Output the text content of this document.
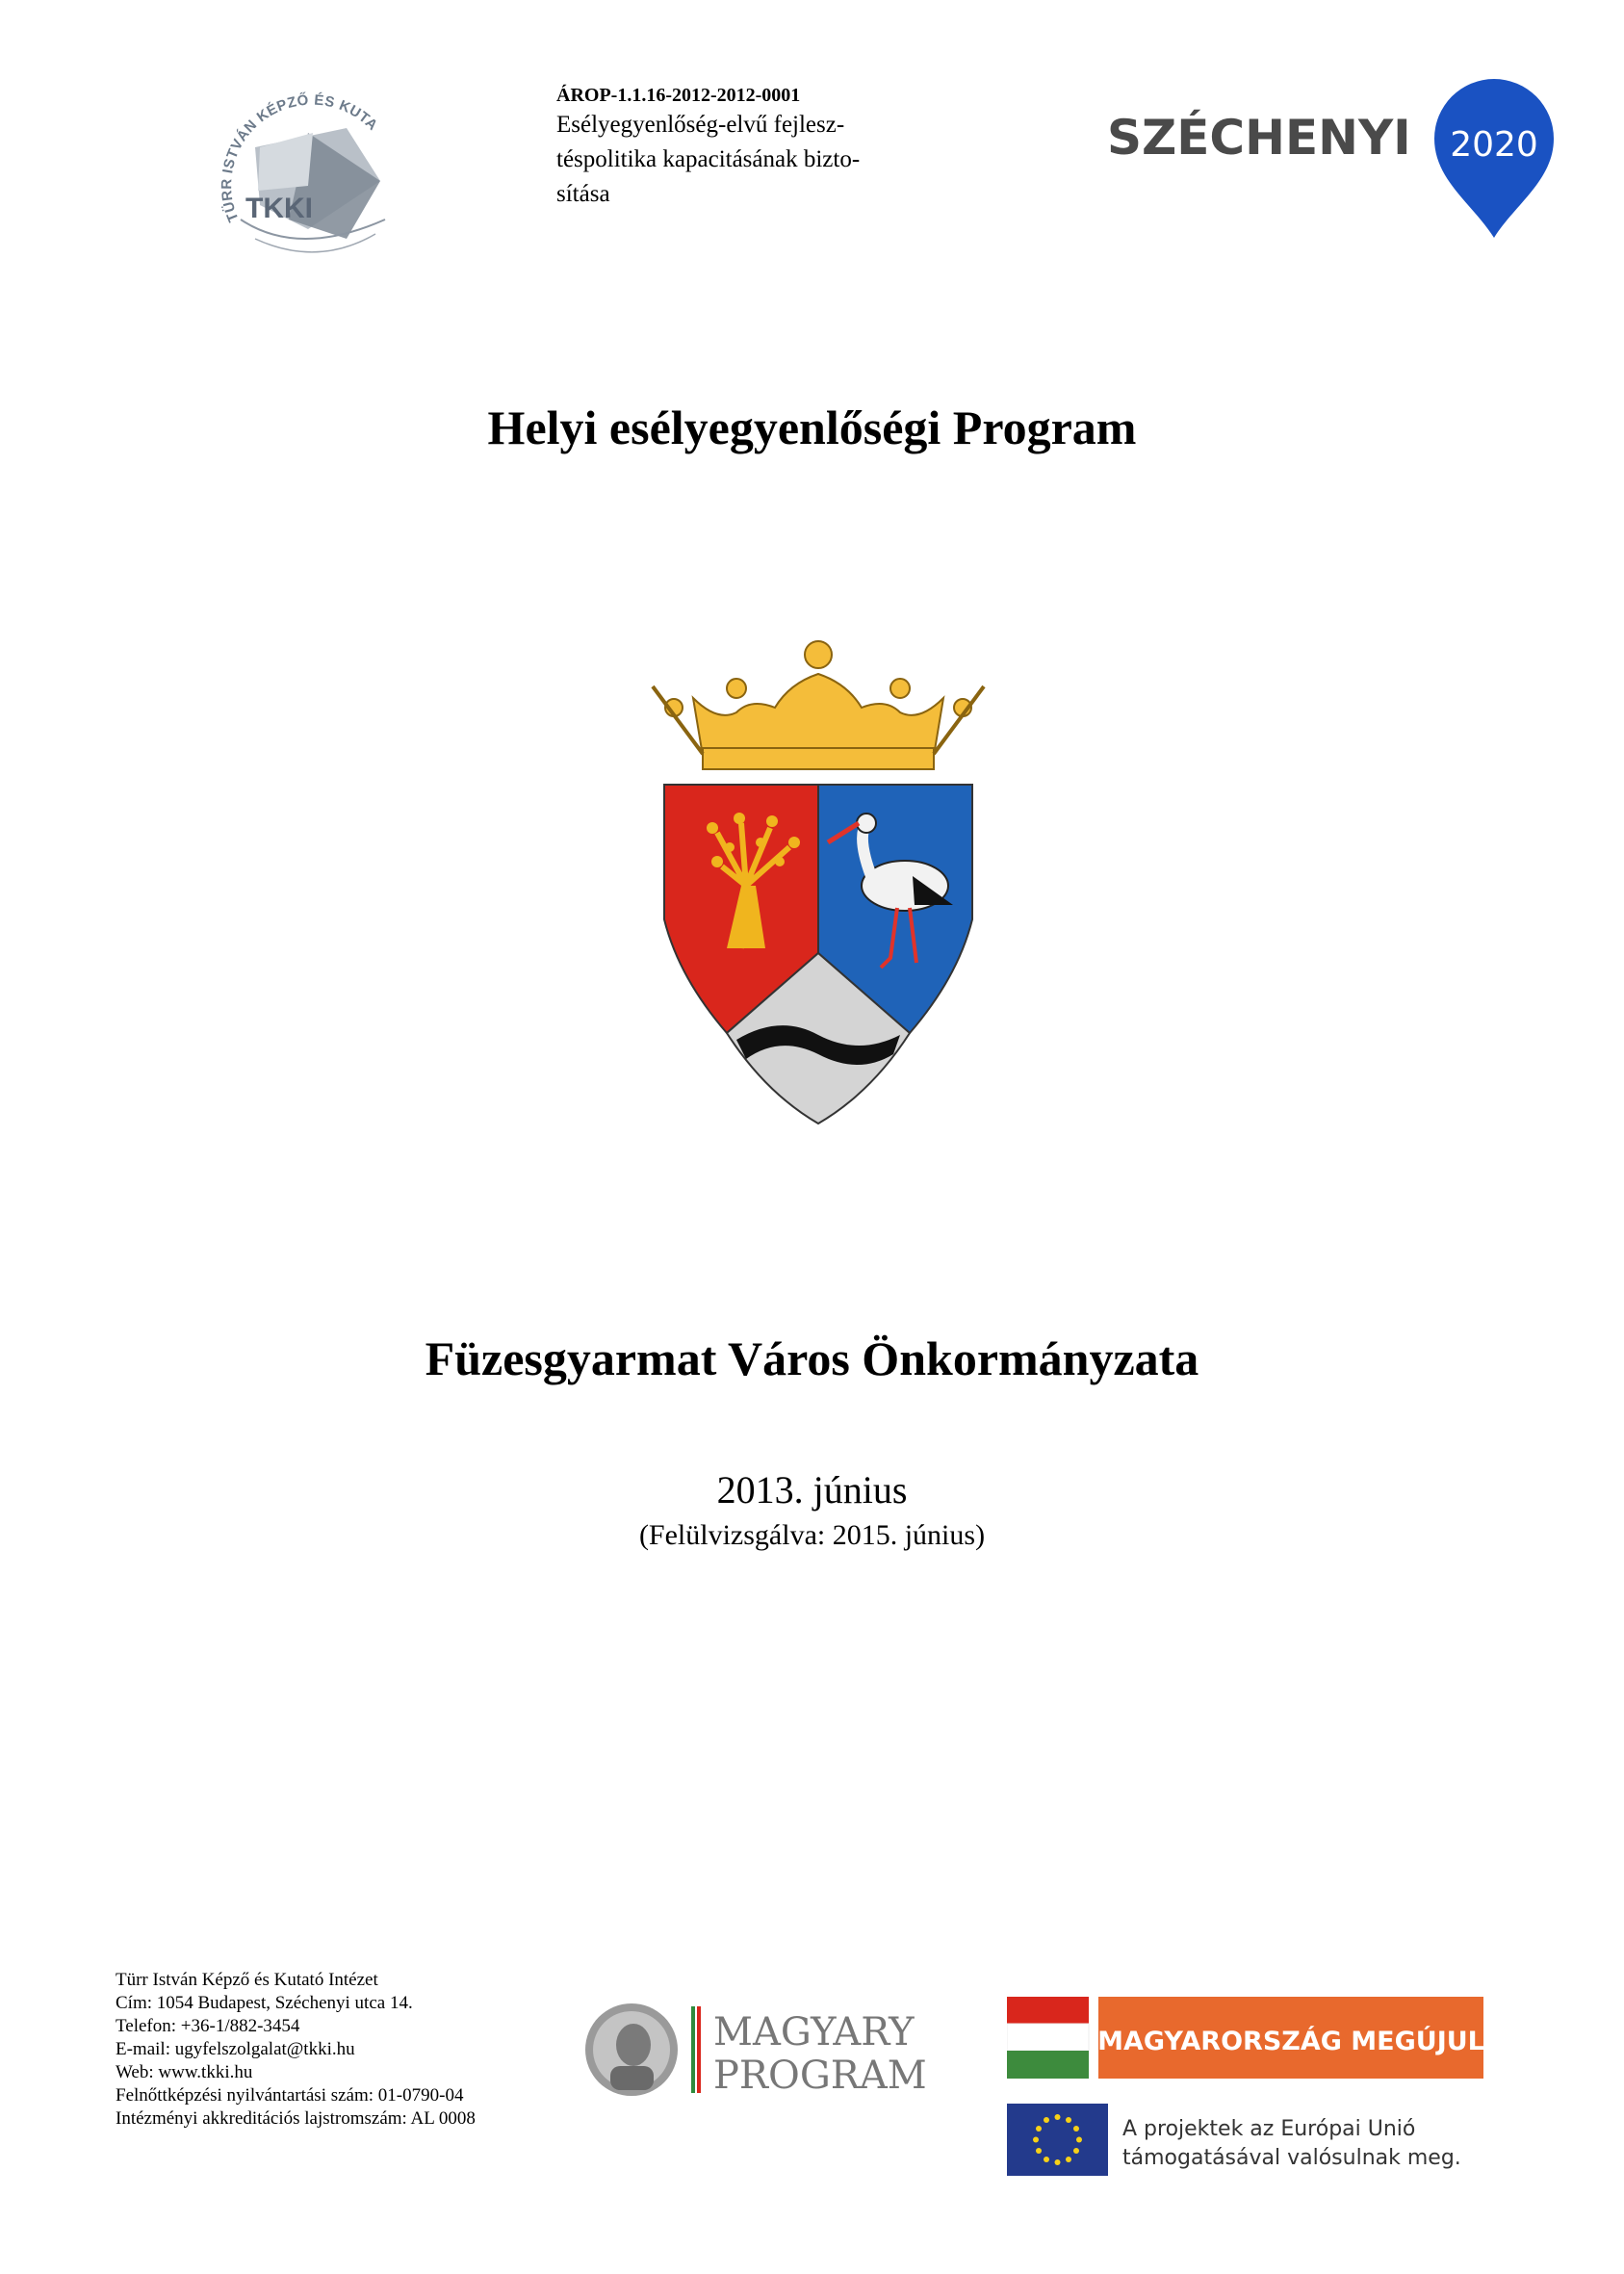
TÜRR ISTVÁN KÉPZŐ ÉS KUTA
TKKI
ÁROP-1.1.16-2012-2012-0001
Esélyegyenlőség-elvű fejlesz-
téspolitika kapacitásának bizto-
sítása
SZÉCHENYI 2020
Helyi esélyegyenlőségi Program
Füzesgyarmat Város Önkormányzata
2013. június
(Felülvizsgálva: 2015. június)
Türr István Képző és Kutató Intézet
Cím: 1054 Budapest, Széchenyi utca 14.
Telefon: +36-1/882-3454
E-mail: ugyfelszolgalat@tkki.hu
Web: www.tkki.hu
Felnőttképzési nyilvántartási szám: 01-0790-04
Intézményi akkreditációs lajstromszám: AL 0008
MAGYARY
PROGRAM
MAGYARORSZÁG MEGÚJUL
A projektek az Európai Unió
támogatásával valósulnak meg.
